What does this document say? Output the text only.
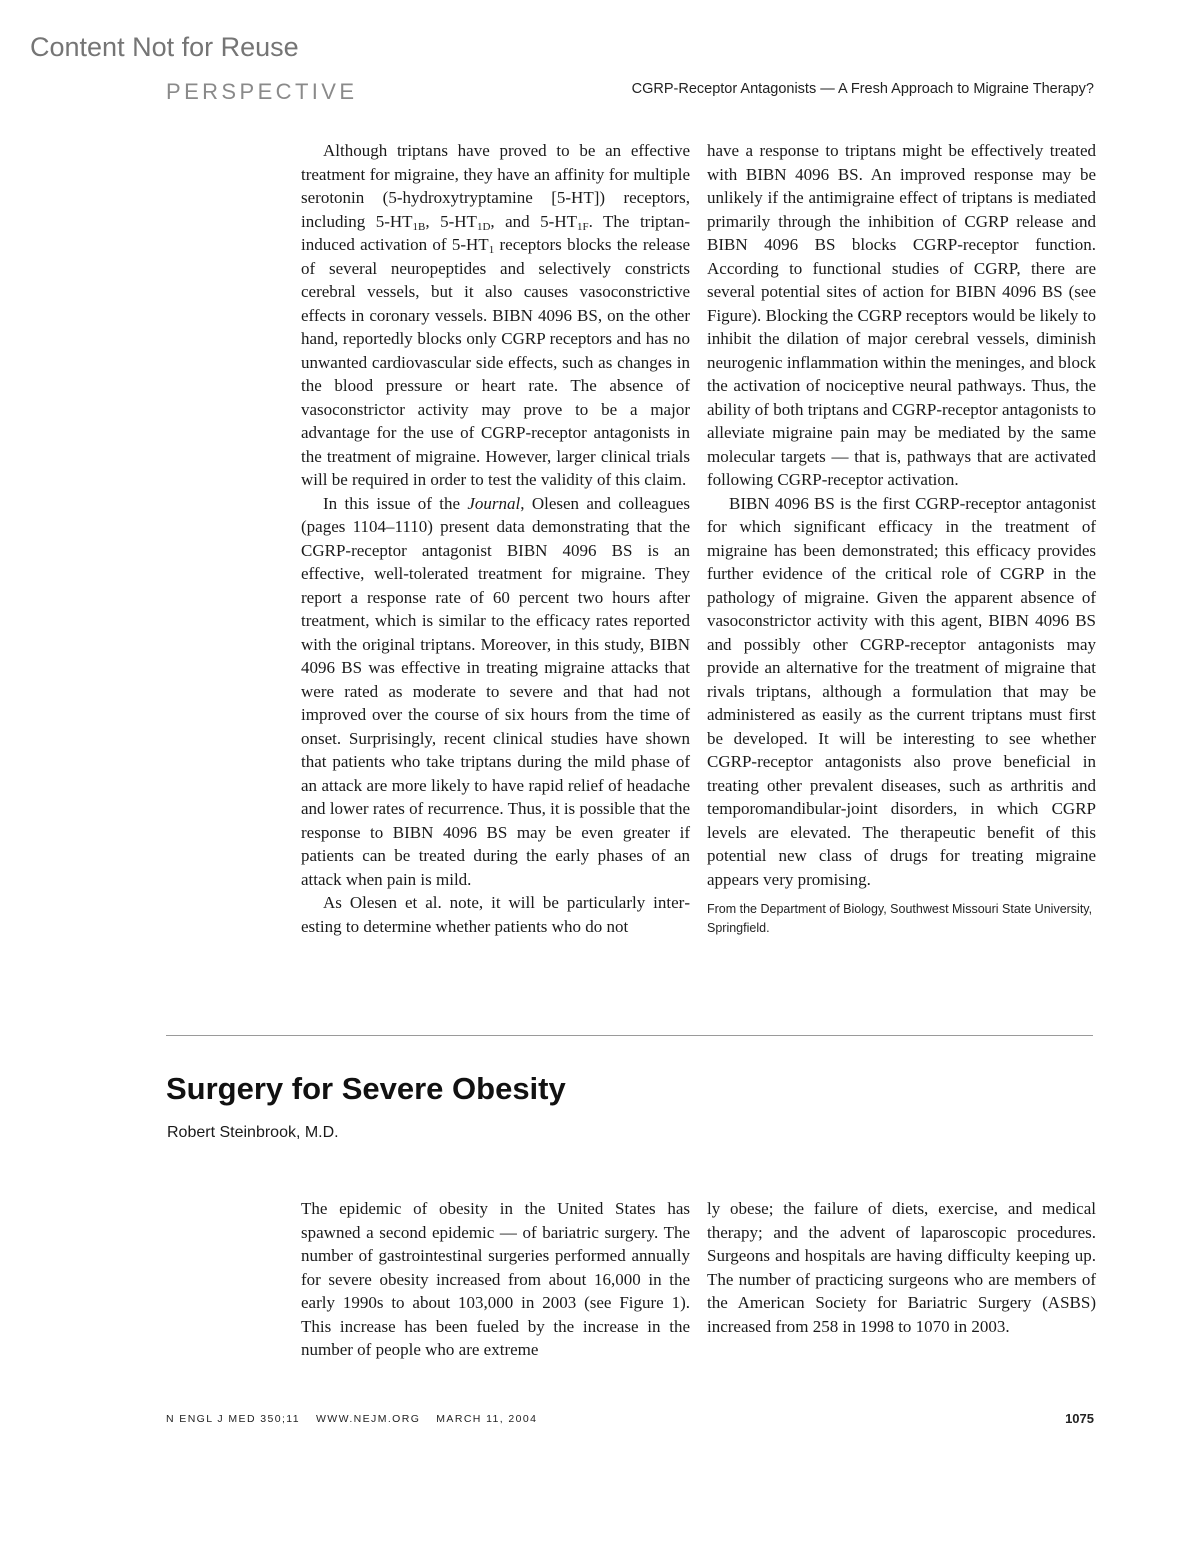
Content Not for Reuse
PERSPECTIVE	CGRP-Receptor Antagonists — A Fresh Approach to Migraine Therapy?

Although triptans have proved to be an effective treatment for migraine, they have an affinity for multiple serotonin (5-hydroxytryptamine [5-HT]) receptors, including $5-HT_{1B}$, $5-HT_{1D}$, and $5-HT_{1F}$. The triptan-induced activation of $5-HT_1$ receptors blocks the release of several neuropeptides and selectively constricts cerebral vessels, but it also causes vasoconstrictive effects in coronary vessels. BIBN 4096 BS, on the other hand, reportedly blocks only CGRP receptors and has no unwanted cardiovascular side effects, such as changes in the blood pressure or heart rate. The absence of vasoconstrictor activity may prove to be a major advantage for the use of CGRP-receptor antagonists in the treatment of migraine. However, larger clinical trials will be required in order to test the validity of this claim.

In this issue of the Journal, Olesen and colleagues (pages 1104–1110) present data demonstrating that the CGRP-receptor antagonist BIBN 4096 BS is an effective, well-tolerated treatment for migraine. They report a response rate of 60 percent two hours after treatment, which is similar to the efficacy rates reported with the original triptans. Moreover, in this study, BIBN 4096 BS was effective in treating migraine attacks that were rated as moderate to severe and that had not improved over the course of six hours from the time of onset. Surprisingly, recent clinical studies have shown that patients who take triptans during the mild phase of an attack are more likely to have rapid relief of headache and lower rates of recurrence. Thus, it is possible that the response to BIBN 4096 BS may be even greater if patients can be treated during the early phases of an attack when pain is mild.

As Olesen et al. note, it will be particularly interesting to determine whether patients who do not

have a response to triptans might be effectively treated with BIBN 4096 BS. An improved response may be unlikely if the antimigraine effect of triptans is mediated primarily through the inhibition of CGRP release and BIBN 4096 BS blocks CGRP-receptor function. According to functional studies of CGRP, there are several potential sites of action for BIBN 4096 BS (see Figure). Blocking the CGRP receptors would be likely to inhibit the dilation of major cerebral vessels, diminish neurogenic inflammation within the meninges, and block the activation of nociceptive neural pathways. Thus, the ability of both triptans and CGRP-receptor antagonists to alleviate migraine pain may be mediated by the same molecular targets — that is, pathways that are activated following CGRP-receptor activation.

BIBN 4096 BS is the first CGRP-receptor antagonist for which significant efficacy in the treatment of migraine has been demonstrated; this efficacy provides further evidence of the critical role of CGRP in the pathology of migraine. Given the apparent absence of vasoconstrictor activity with this agent, BIBN 4096 BS and possibly other CGRP-receptor antagonists may provide an alternative for the treatment of migraine that rivals triptans, although a formulation that may be administered as easily as the current triptans must first be developed. It will be interesting to see whether CGRP-receptor antagonists also prove beneficial in treating other prevalent diseases, such as arthritis and temporomandibular-joint disorders, in which CGRP levels are elevated. The therapeutic benefit of this potential new class of drugs for treating migraine appears very promising.

From the Department of Biology, Southwest Missouri State University, Springfield.
Surgery for Severe Obesity
Robert Steinbrook, M.D.

The epidemic of obesity in the United States has spawned a second epidemic — of bariatric surgery. The number of gastrointestinal surgeries performed annually for severe obesity increased from about 16,000 in the early 1990s to about 103,000 in 2003 (see Figure 1). This increase has been fueled by the increase in the number of people who are extreme

ly obese; the failure of diets, exercise, and medical therapy; and the advent of laparoscopic procedures. Surgeons and hospitals are having difficulty keeping up. The number of practicing surgeons who are members of the American Society for Bariatric Surgery (ASBS) increased from 258 in 1998 to 1070 in 2003.

N ENGL J MED 350;11 WWW.NEJM.ORG MARCH 11, 2004	1075
